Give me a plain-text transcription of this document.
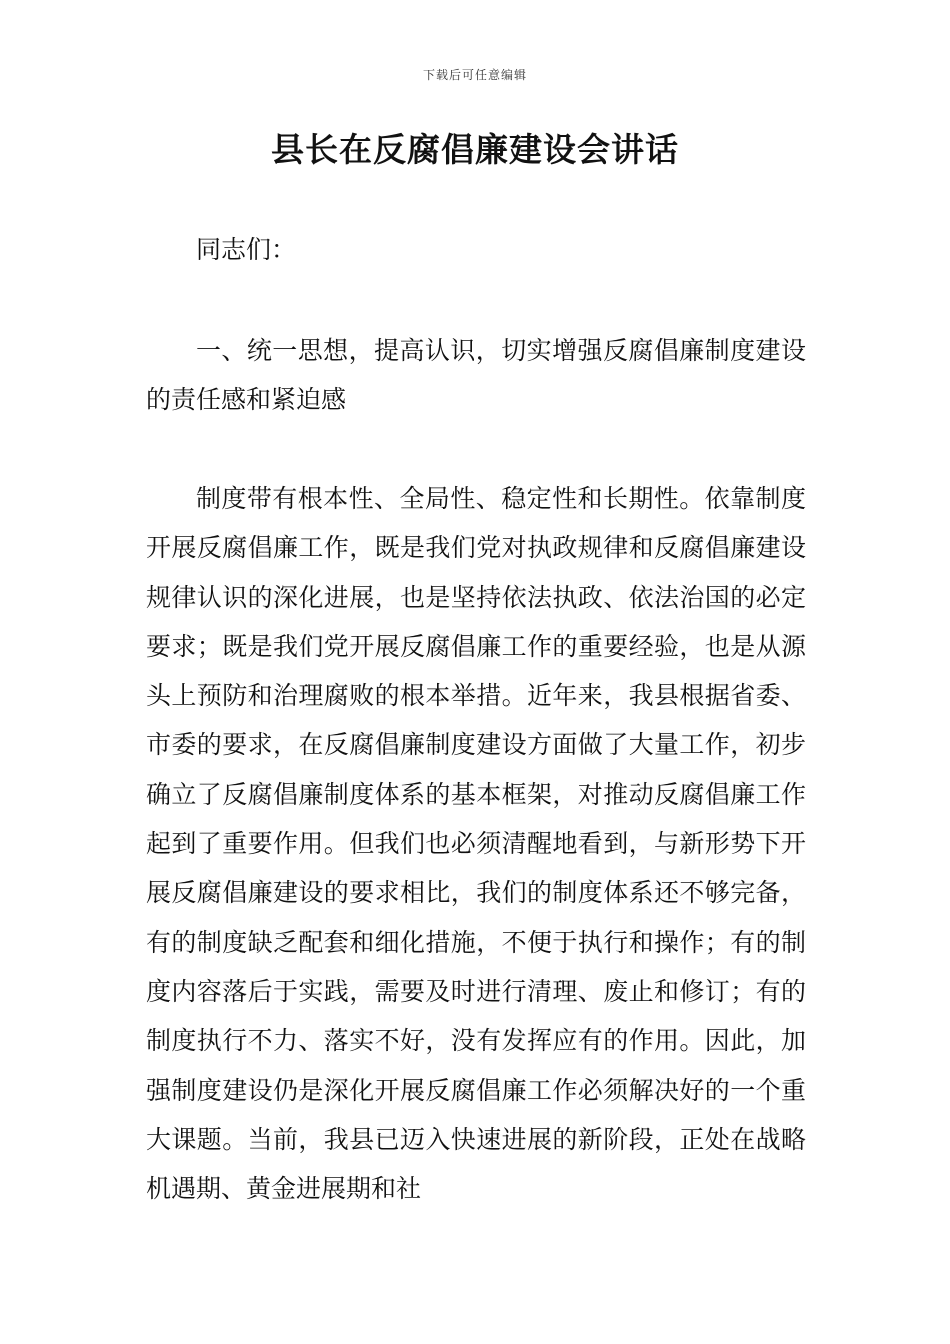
下载后可任意编辑
县长在反腐倡廉建设会讲话

同志们：

一、统一思想，提高认识，切实增强反腐倡廉制度建设的责任感和紧迫感

制度带有根本性、全局性、稳定性和长期性。依靠制度开展反腐倡廉工作，既是我们党对执政规律和反腐倡廉建设规律认识的深化进展，也是坚持依法执政、依法治国的必定要求；既是我们党开展反腐倡廉工作的重要经验，也是从源头上预防和治理腐败的根本举措。近年来，我县根据省委、市委的要求，在反腐倡廉制度建设方面做了大量工作，初步确立了反腐倡廉制度体系的基本框架，对推动反腐倡廉工作起到了重要作用。但我们也必须清醒地看到，与新形势下开展反腐倡廉建设的要求相比，我们的制度体系还不够完备，有的制度缺乏配套和细化措施，不便于执行和操作；有的制度内容落后于实践，需要及时进行清理、废止和修订；有的制度执行不力、落实不好，没有发挥应有的作用。因此，加强制度建设仍是深化开展反腐倡廉工作必须解决好的一个重大课题。当前，我县已迈入快速进展的新阶段，正处在战略机遇期、黄金进展期和社
